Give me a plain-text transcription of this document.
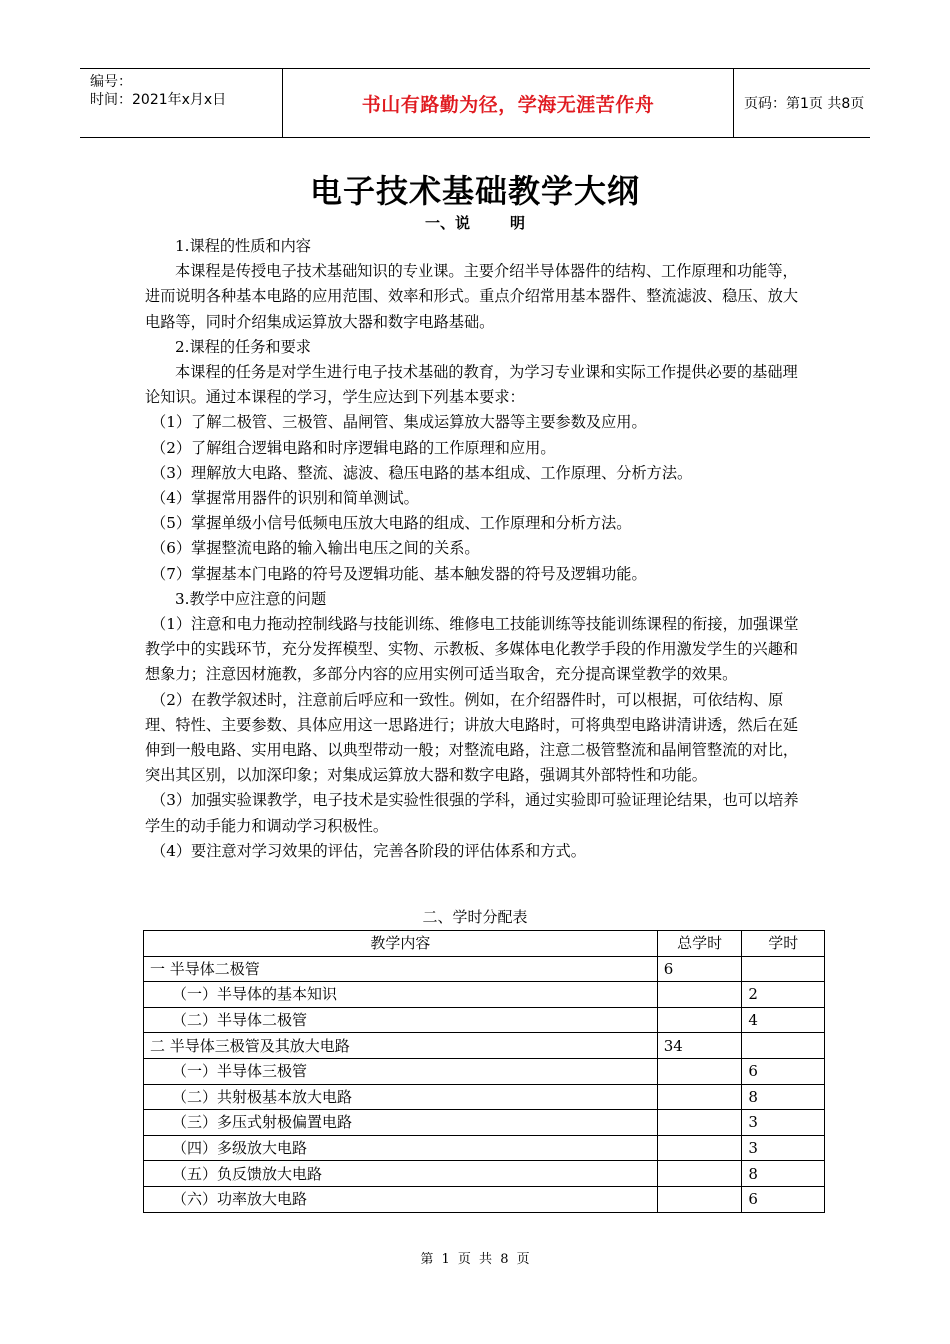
编号：
时间：2021年x月x日	书山有路勤为径，学海无涯苦作舟	页码：第1页 共8页
电子技术基础教学大纲
一、说	明

1.课程的性质和内容

本课程是传授电子技术基础知识的专业课。主要介绍半导体器件的结构、工作原理和功能等，进而说明各种基本电路的应用范围、效率和形式。重点介绍常用基本器件、整流滤波、稳压、放大电路等，同时介绍集成运算放大器和数字电路基础。

2.课程的任务和要求

本课程的任务是对学生进行电子技术基础的教育，为学习专业课和实际工作提供必要的基础理论知识。通过本课程的学习，学生应达到下列基本要求：

（1）了解二极管、三极管、晶闸管、集成运算放大器等主要参数及应用。

（2）了解组合逻辑电路和时序逻辑电路的工作原理和应用。

（3）理解放大电路、整流、滤波、稳压电路的基本组成、工作原理、分析方法。

（4）掌握常用器件的识别和简单测试。

（5）掌握单级小信号低频电压放大电路的组成、工作原理和分析方法。

（6）掌握整流电路的输入输出电压之间的关系。

（7）掌握基本门电路的符号及逻辑功能、基本触发器的符号及逻辑功能。

3.教学中应注意的问题

（1）注意和电力拖动控制线路与技能训练、维修电工技能训练等技能训练课程的衔接，加强课堂教学中的实践环节，充分发挥模型、实物、示教板、多媒体电化教学手段的作用激发学生的兴趣和想象力；注意因材施教，多部分内容的应用实例可适当取舍，充分提高课堂教学的效果。

（2）在教学叙述时，注意前后呼应和一致性。例如，在介绍器件时，可以根据，可依结构、原理、特性、主要参数、具体应用这一思路进行；讲放大电路时，可将典型电路讲清讲透，然后在延伸到一般电路、实用电路、以典型带动一般；对整流电路，注意二极管整流和晶闸管整流的对比，突出其区别，以加深印象；对集成运算放大器和数字电路，强调其外部特性和功能。

（3）加强实验课教学，电子技术是实验性很强的学科，通过实验即可验证理论结果，也可以培养学生的动手能力和调动学习积极性。

（4）要注意对学习效果的评估，完善各阶段的评估体系和方式。

二、学时分配表
教学内容	总学时	学时
一 半导体二极管	6	
（一）半导体的基本知识		2
（二）半导体二极管		4
二 半导体三极管及其放大电路	34	
（一）半导体三极管		6
（二）共射极基本放大电路		8
（三）多压式射极偏置电路		3
（四）多级放大电路		3
（五）负反馈放大电路		8
（六）功率放大电路		6
第 1 页 共 8 页
